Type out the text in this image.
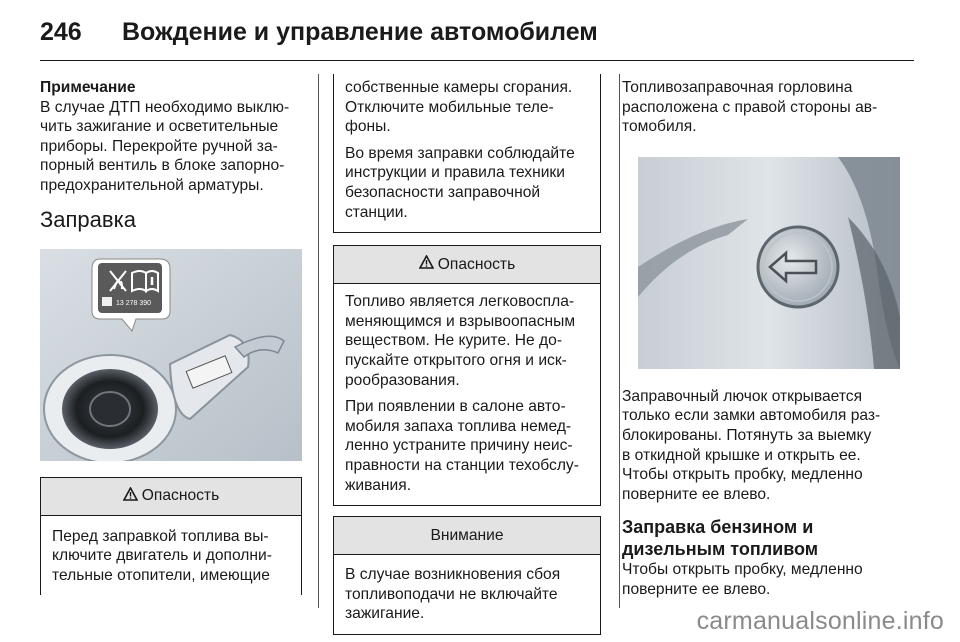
246	Вождение и управление автомобилем
Примечание
В случае ДТП необходимо выклю-
чить зажигание и осветительные
приборы. Перекройте ручной за-
порный вентиль в блоке запорно-
предохранительной арматуры.
Заправка
13 278 390
Опасность
Перед заправкой топлива вы-
ключите двигатель и дополни-
тельные отопители, имеющие

собственные камеры сгорания.
Отключите мобильные теле-
фоны.

Во время заправки соблюдайте
инструкции и правила техники
безопасности заправочной
станции.

Опасность

Топливо является легковоспла-
меняющимся и взрывоопасным
веществом. Не курите. Не до-
пускайте открытого огня и иск-
рообразования.

При появлении в салоне авто-
мобиля запаха топлива немед-
ленно устраните причину неис-
правности на станции техобслу-
живания.

Внимание
В случае возникновения сбоя
топливоподачи не включайте
зажигание.
Топливозаправочная горловина
расположена с правой стороны ав-
томобиля.
Заправочный лючок открывается
только если замки автомобиля раз-
блокированы. Потянуть за выемку
в откидной крышке и открыть ее.
Чтобы открыть пробку, медленно
поверните ее влево.
Заправка бензином и
дизельным топливом
Чтобы открыть пробку, медленно
поверните ее влево.
carmanualsonline.info
